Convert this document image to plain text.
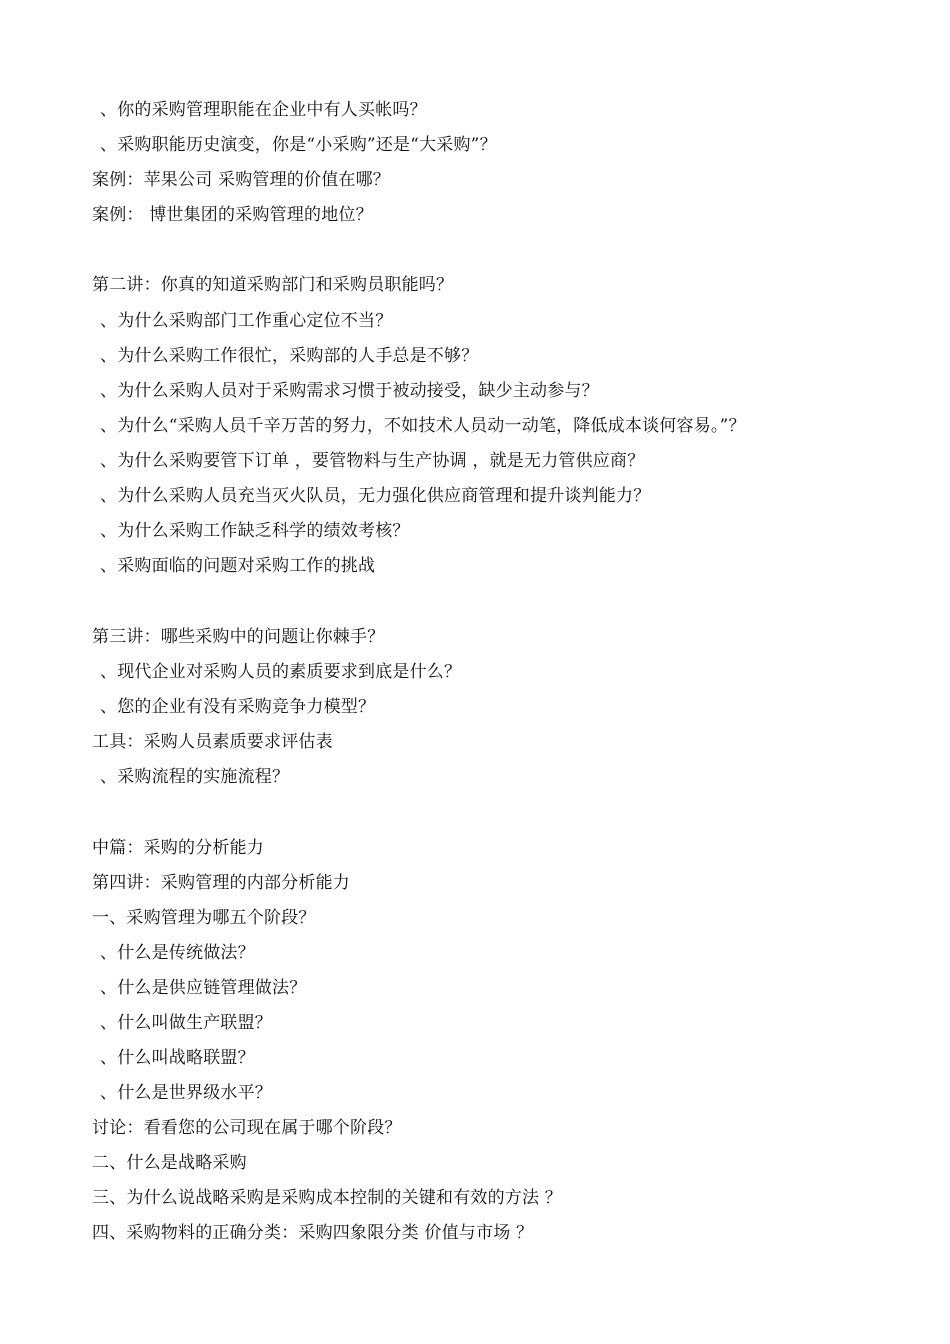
、你的采购管理职能在企业中有人买帐吗？
、采购职能历史演变，你是“小采购”还是“大采购”？
案例：苹果公司 采购管理的价值在哪？
案例： 博世集团的采购管理的地位？
第二讲：你真的知道采购部门和采购员职能吗？
、为什么采购部门工作重心定位不当？
、为什么采购工作很忙，采购部的人手总是不够？
、为什么采购人员对于采购需求习惯于被动接受，缺少主动参与？
、为什么“采购人员千辛万苦的努力，不如技术人员动一动笔，降低成本谈何容易。”？
、为什么采购要管下订单 ，要管物料与生产协调 ，就是无力管供应商？
、为什么采购人员充当灭火队员，无力强化供应商管理和提升谈判能力？
、为什么采购工作缺乏科学的绩效考核？
、采购面临的问题对采购工作的挑战
第三讲：哪些采购中的问题让你棘手？
、现代企业对采购人员的素质要求到底是什么？
、您的企业有没有采购竞争力模型？
工具：采购人员素质要求评估表
、采购流程的实施流程？
中篇：采购的分析能力
第四讲：采购管理的内部分析能力
一、采购管理为哪五个阶段？
、什么是传统做法？
、什么是供应链管理做法？
、什么叫做生产联盟？
、什么叫战略联盟？
、什么是世界级水平？
讨论：看看您的公司现在属于哪个阶段？
二、什么是战略采购
三、为什么说战略采购是采购成本控制的关键和有效的方法 ？
四、采购物料的正确分类：采购四象限分类 价值与市场 ？
